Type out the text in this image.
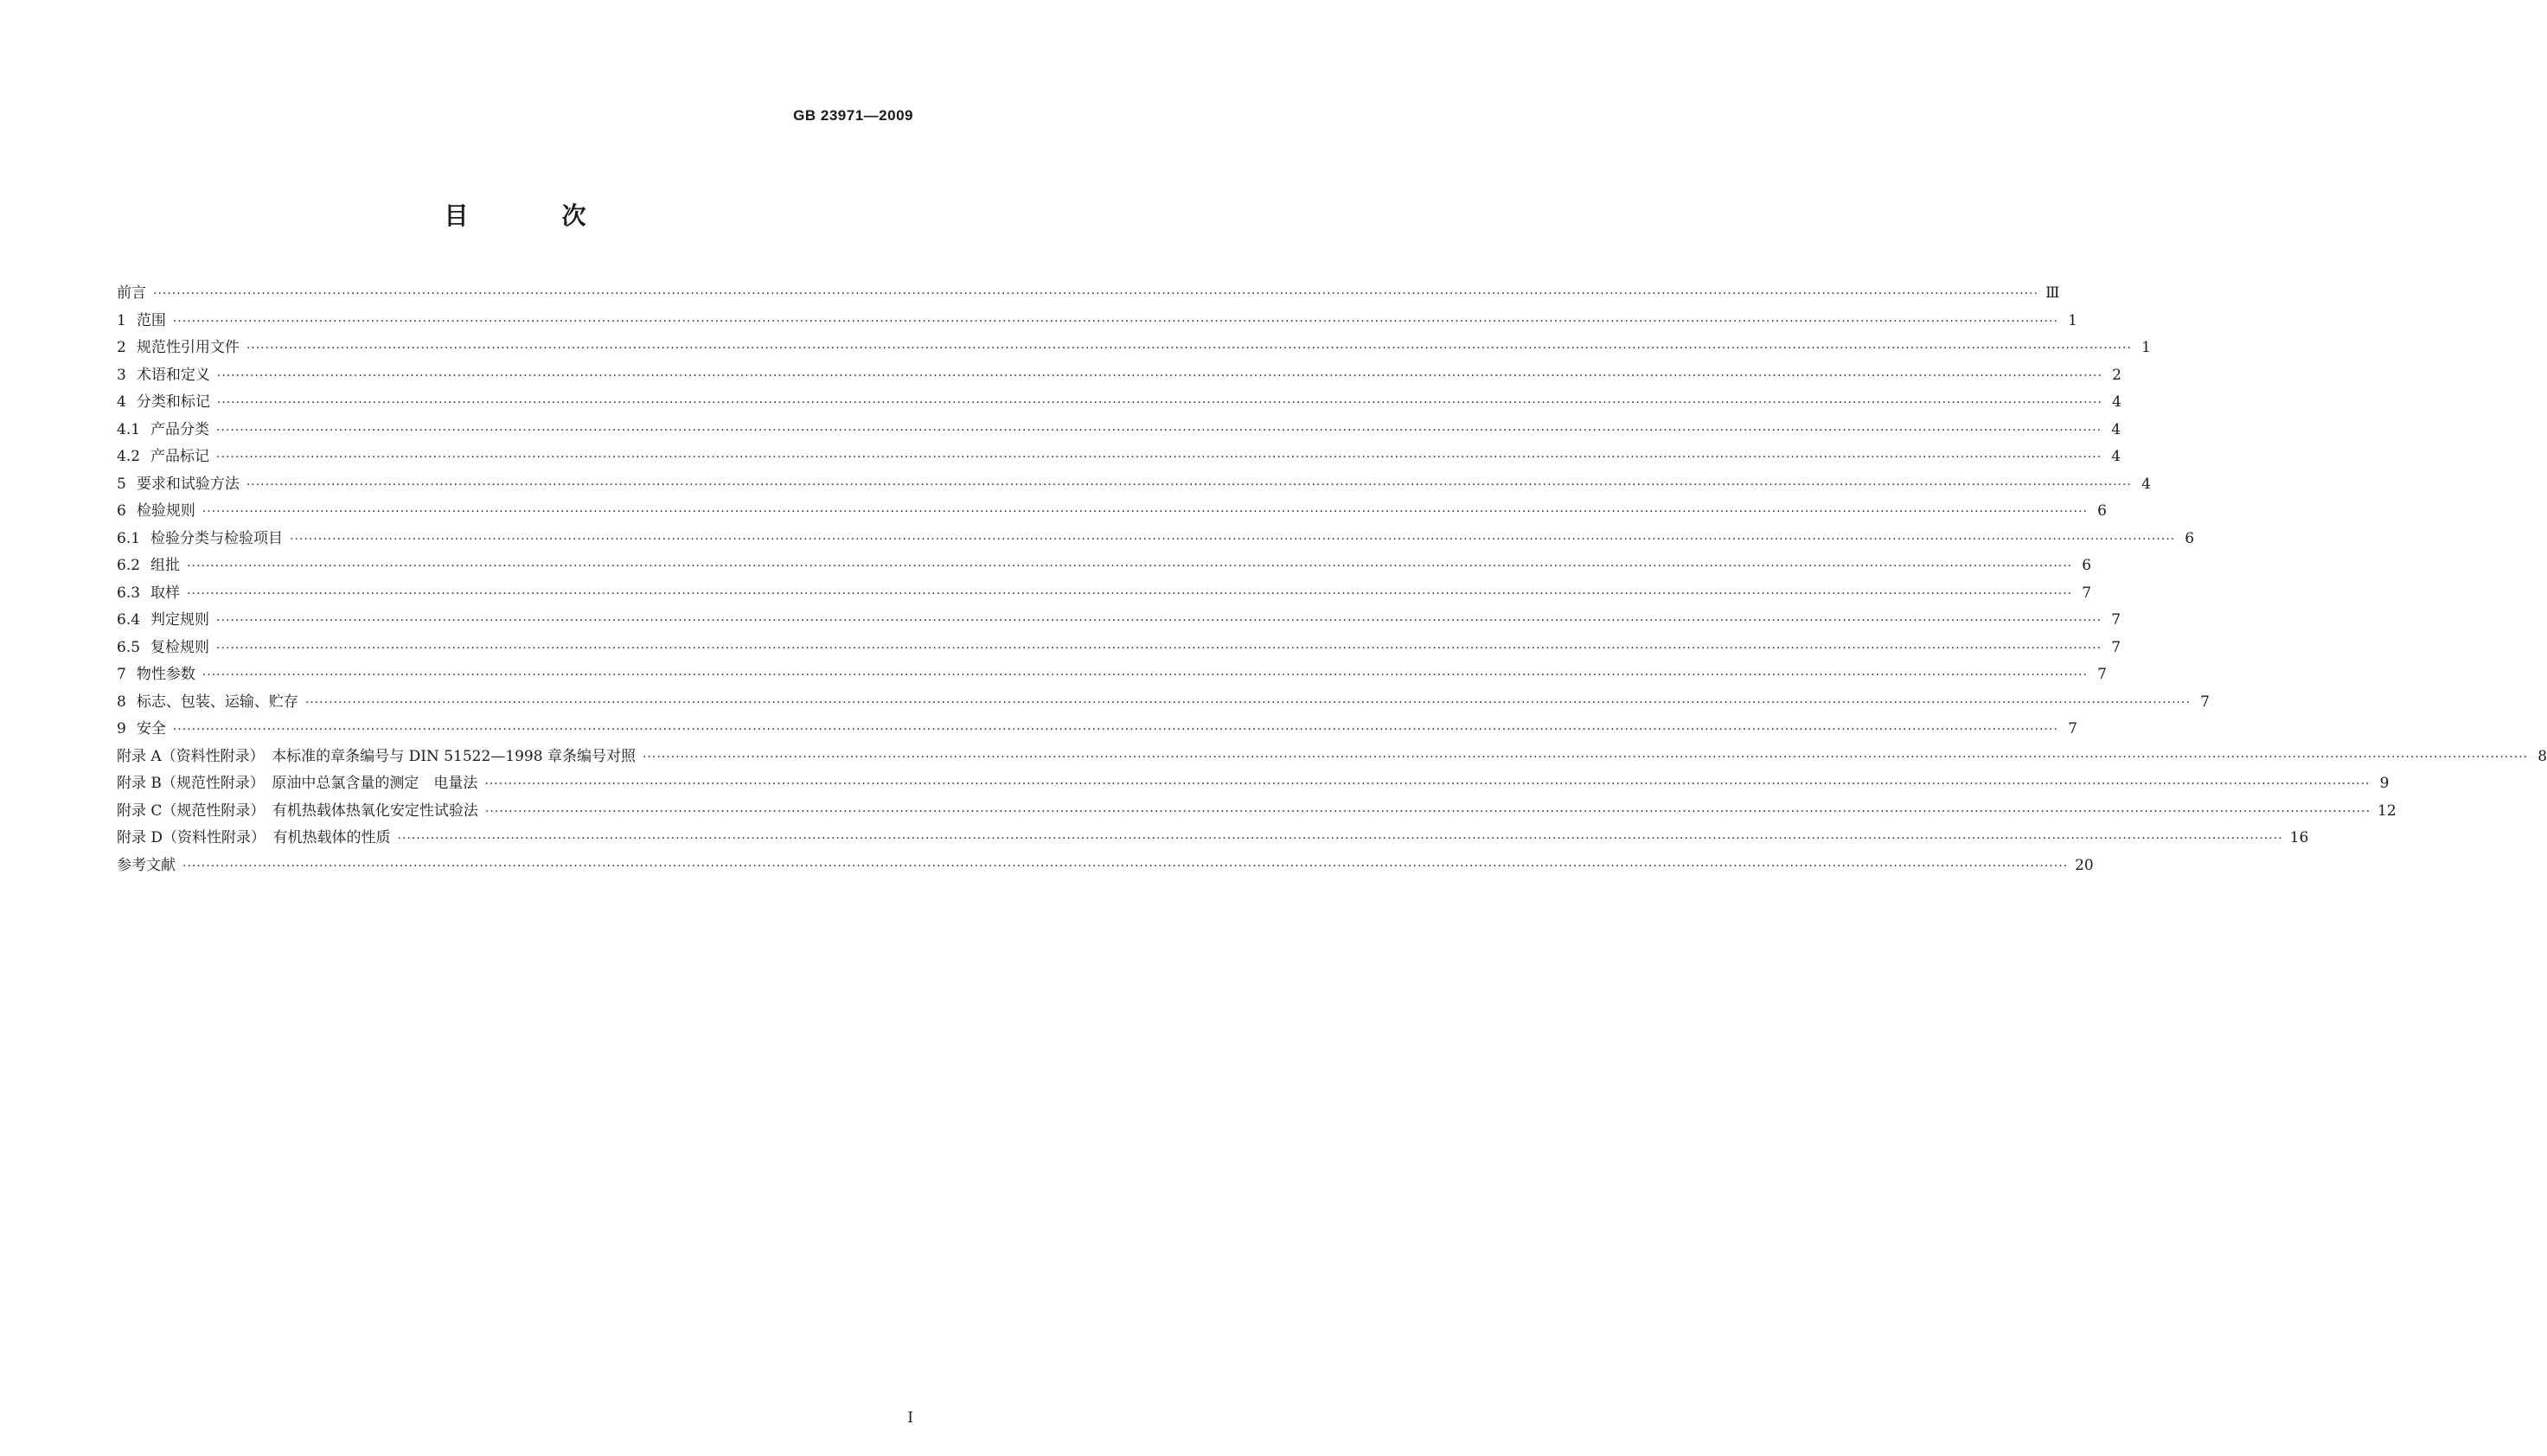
GB 23971—2009
目　次
前言 ················································································································································································································································································································································································································ Ⅲ
1 范围 ················································································································································································································································································································································································································ 1
2 规范性引用文件 ················································································································································································································································································································································································································ 1
3 术语和定义 ················································································································································································································································································································································································································ 2
4 分类和标记 ················································································································································································································································································································································································································ 4
4.1 产品分类 ················································································································································································································································································································································································································ 4
4.2 产品标记 ················································································································································································································································································································································································································ 4
5 要求和试验方法 ················································································································································································································································································································································································································ 4
6 检验规则 ················································································································································································································································································································································································································ 6
6.1 检验分类与检验项目 ················································································································································································································································································································································································································ 6
6.2 组批 ················································································································································································································································································································································································································ 6
6.3 取样 ················································································································································································································································································································································································································ 7
6.4 判定规则 ················································································································································································································································································································································································································ 7
6.5 复检规则 ················································································································································································································································································································································································································ 7
7 物性参数 ················································································································································································································································································································································································································ 7
8 标志、包装、运输、贮存 ················································································································································································································································································································································································································ 7
9 安全 ················································································································································································································································································································································································································ 7
附录 A（资料性附录）　本标准的章条编号与 DIN 51522—1998 章条编号对照 ················································································································································································································································································································································································································ 8
附录 B（规范性附录）　原油中总氯含量的测定　电量法 ················································································································································································································································································································································································································ 9
附录 C（规范性附录）　有机热载体热氧化安定性试验法 ················································································································································································································································································································································································································ 12
附录 D（资料性附录）　有机热载体的性质 ················································································································································································································································································································································································································ 16
参考文献 ················································································································································································································································································································································································································ 20
Ⅰ
